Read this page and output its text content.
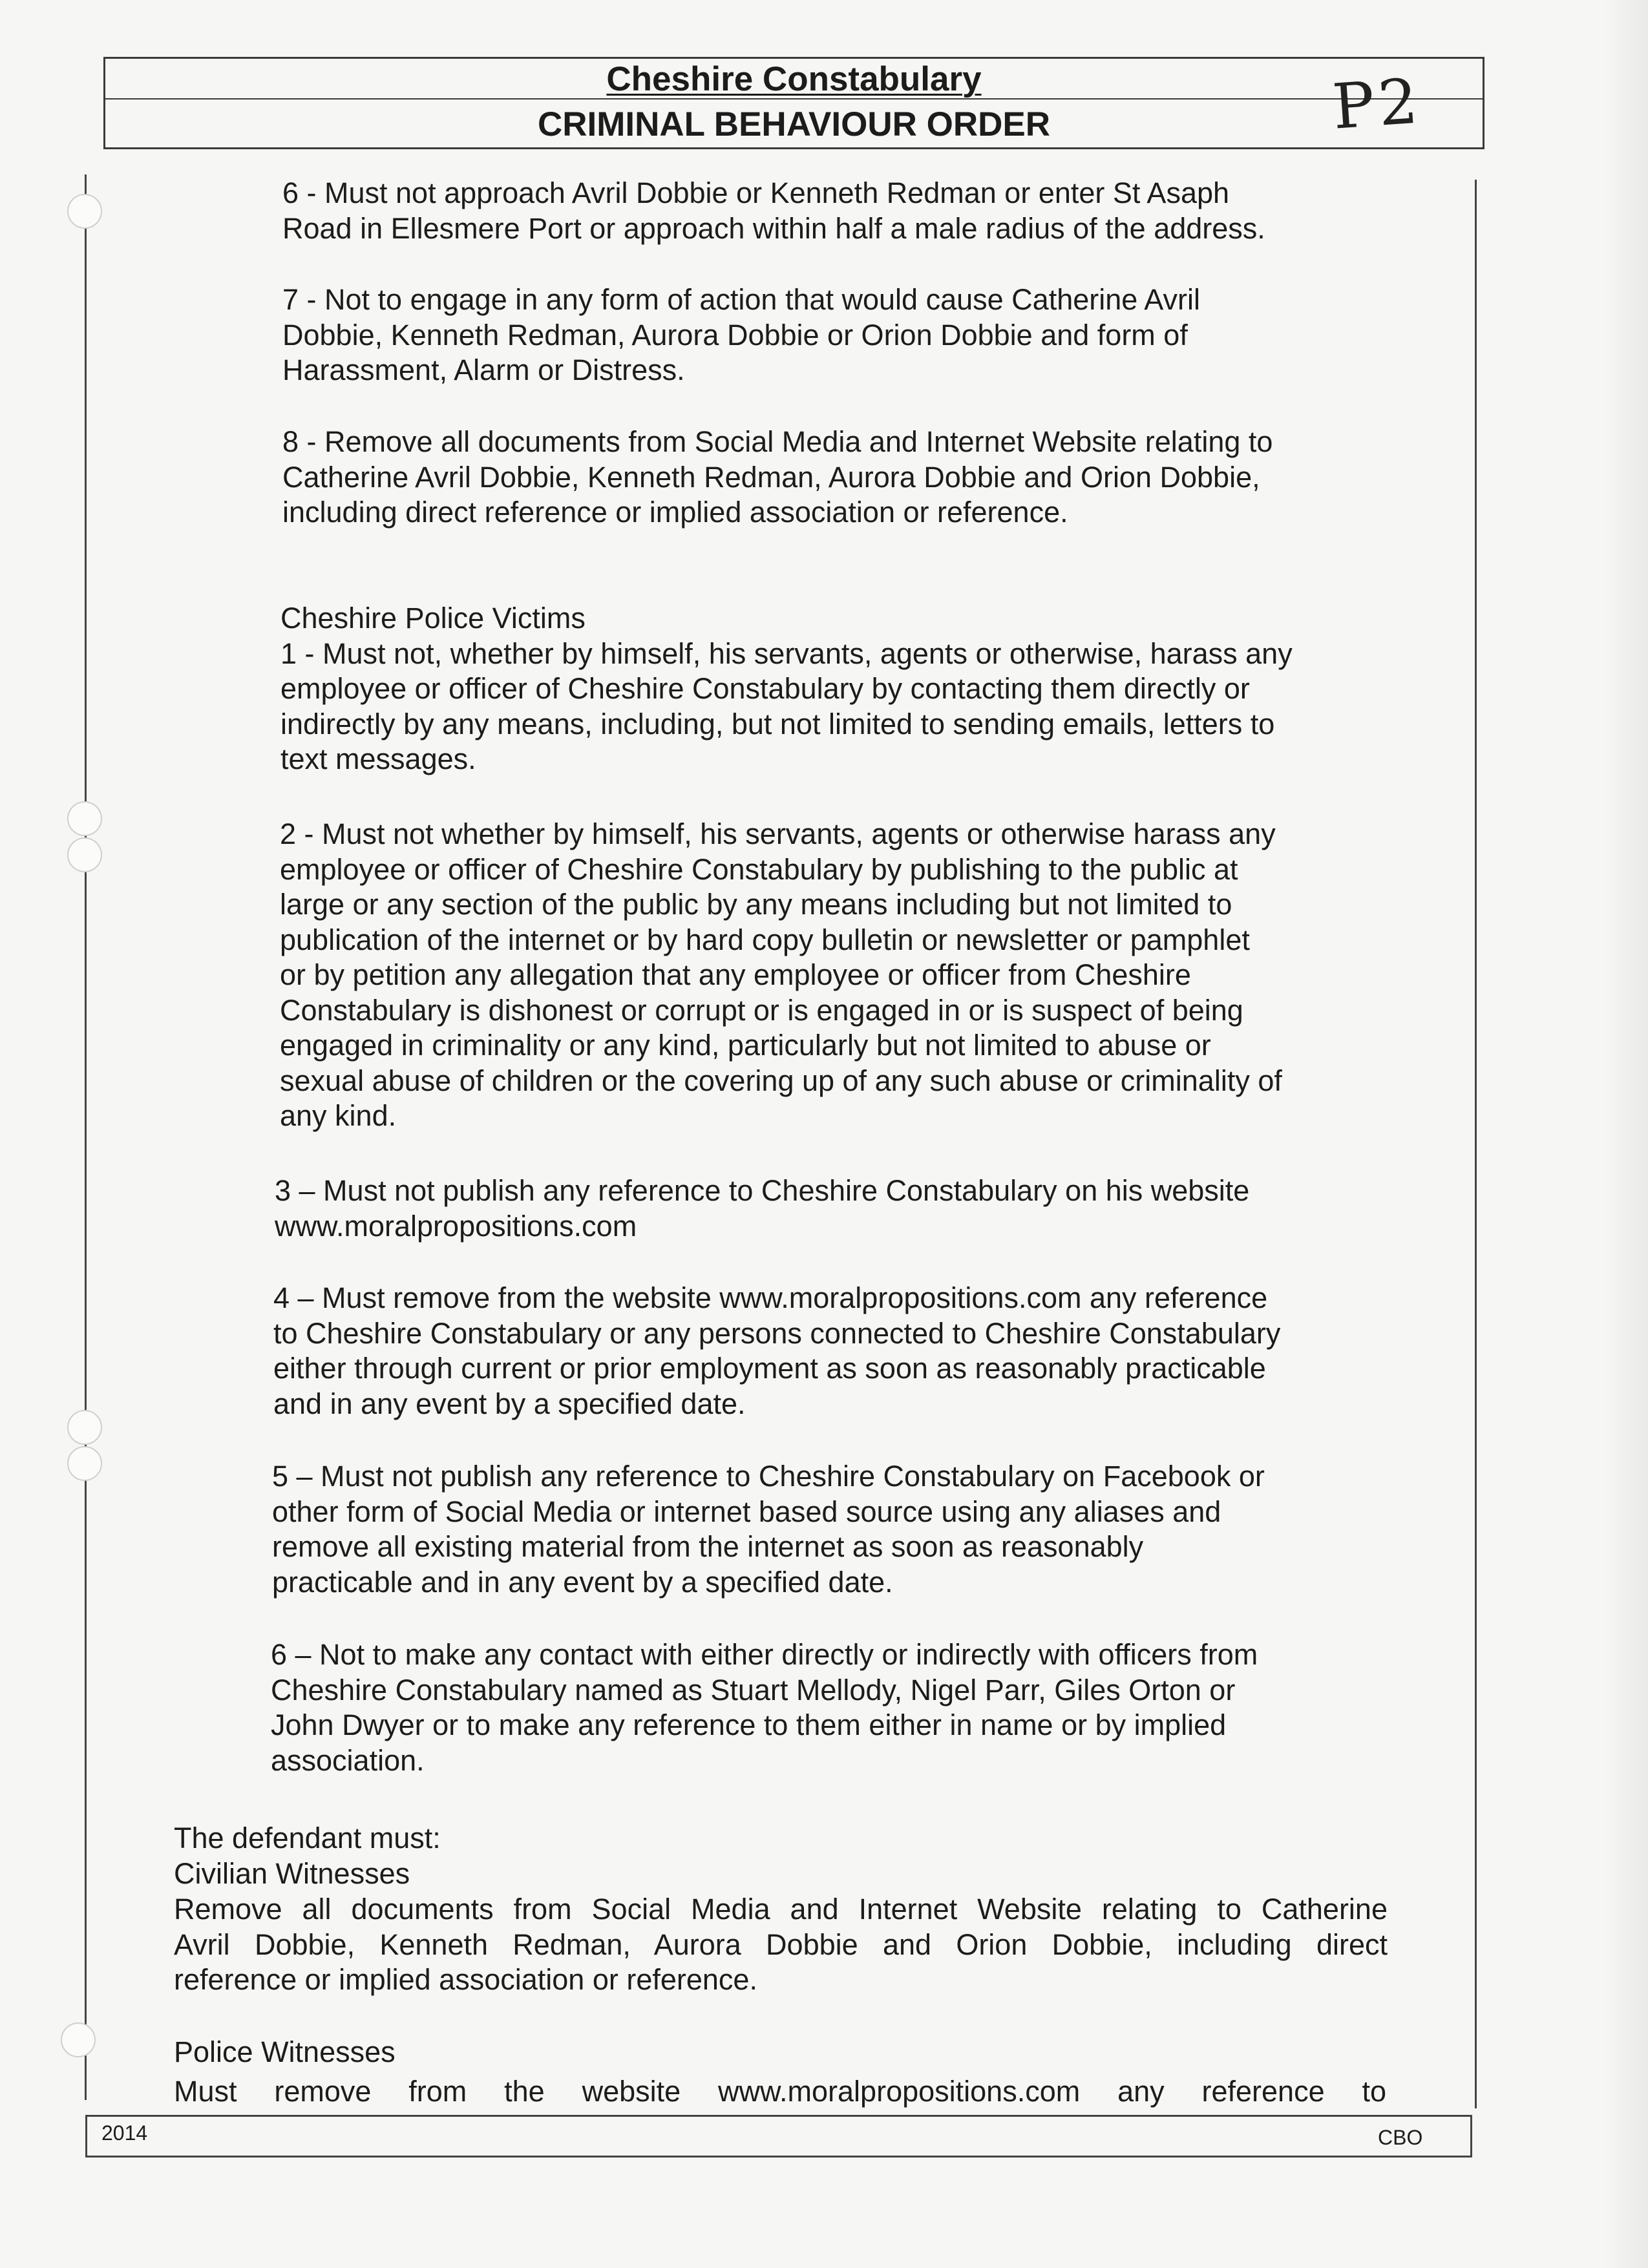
Cheshire Constabulary
CRIMINAL BEHAVIOUR ORDER	P2
6 - Must not approach Avril Dobbie or Kenneth Redman or enter St Asaph
Road in Ellesmere Port or approach within half a male radius of the address.
7 - Not to engage in any form of action that would cause Catherine Avril
Dobbie, Kenneth Redman, Aurora Dobbie or Orion Dobbie and form of
Harassment, Alarm or Distress.
8 - Remove all documents from Social Media and Internet Website relating to
Catherine Avril Dobbie, Kenneth Redman, Aurora Dobbie and Orion Dobbie,
including direct reference or implied association or reference.
Cheshire Police Victims
1 - Must not, whether by himself, his servants, agents or otherwise, harass any
employee or officer of Cheshire Constabulary by contacting them directly or
indirectly by any means, including, but not limited to sending emails, letters to
text messages.
2 - Must not whether by himself, his servants, agents or otherwise harass any
employee or officer of Cheshire Constabulary by publishing to the public at
large or any section of the public by any means including but not limited to
publication of the internet or by hard copy bulletin or newsletter or pamphlet
or by petition any allegation that any employee or officer from Cheshire
Constabulary is dishonest or corrupt or is engaged in or is suspect of being
engaged in criminality or any kind, particularly but not limited to abuse or
sexual abuse of children or the covering up of any such abuse or criminality of
any kind.
3 – Must not publish any reference to Cheshire Constabulary on his website
www.moralpropositions.com
4 – Must remove from the website www.moralpropositions.com any reference
to Cheshire Constabulary or any persons connected to Cheshire Constabulary
either through current or prior employment as soon as reasonably practicable
and in any event by a specified date.
5 – Must not publish any reference to Cheshire Constabulary on Facebook or
other form of Social Media or internet based source using any aliases and
remove all existing material from the internet as soon as reasonably
practicable and in any event by a specified date.
6 – Not to make any contact with either directly or indirectly with officers from
Cheshire Constabulary named as Stuart Mellody, Nigel Parr, Giles Orton or
John Dwyer or to make any reference to them either in name or by implied
association.
The defendant must:
Civilian Witnesses
Remove all documents from Social Media and Internet Website relating to Catherine
Avril Dobbie, Kenneth Redman, Aurora Dobbie and Orion Dobbie, including direct
reference or implied association or reference.
Police Witnesses
Must remove from the website www.moralpropositions.com any reference to
2014	CBO
